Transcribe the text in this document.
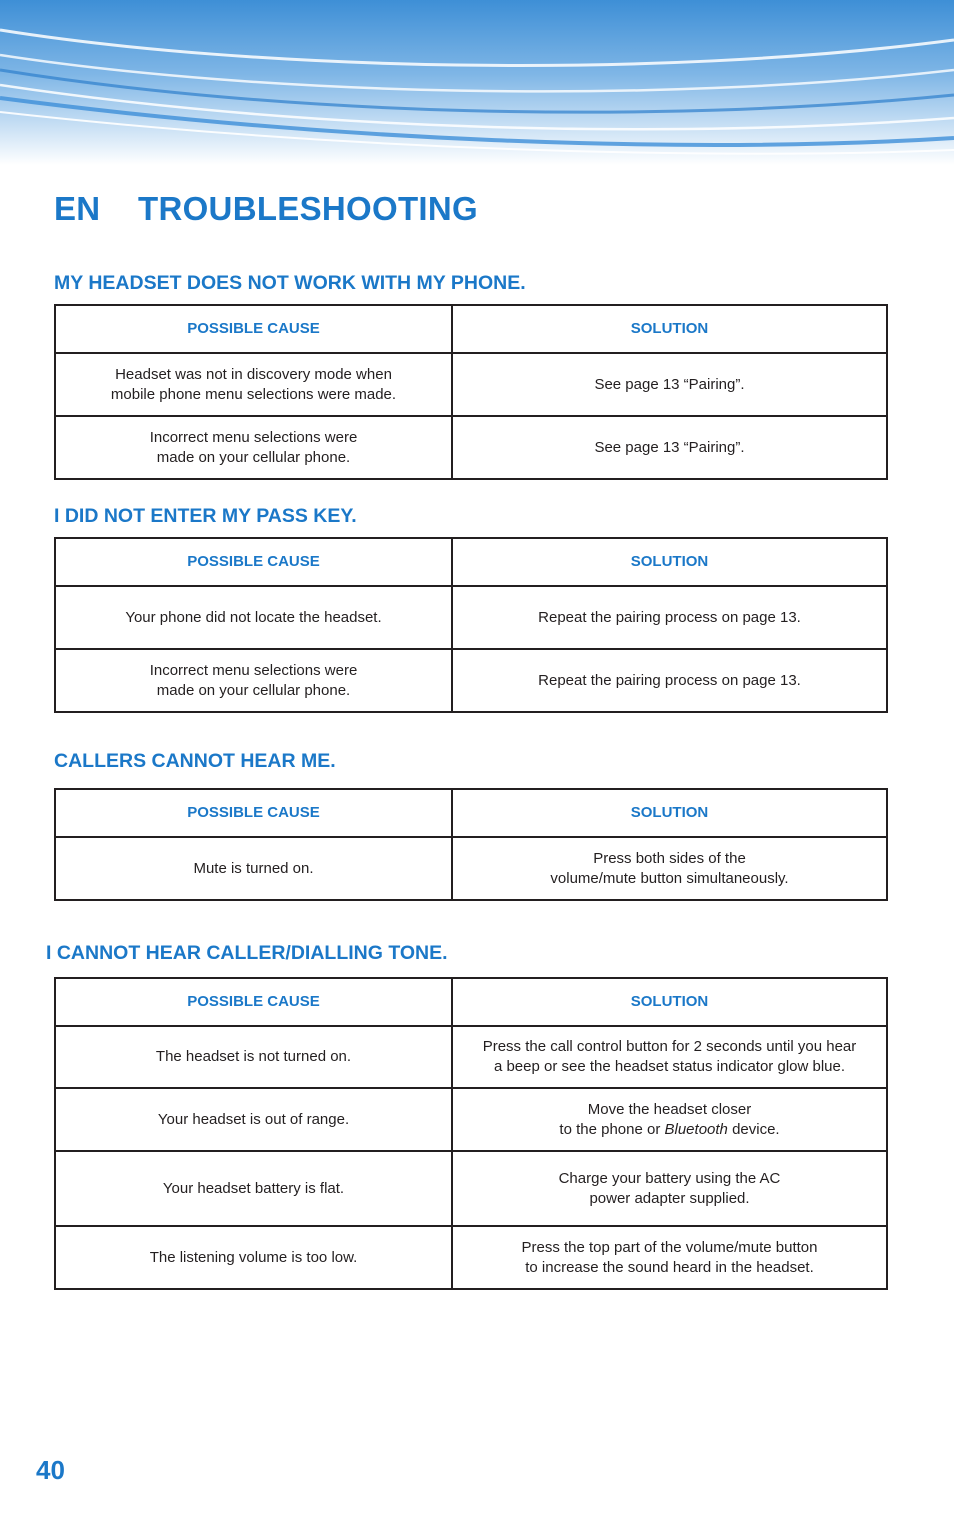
EN TROUBLESHOOTING
MY HEADSET DOES NOT WORK WITH MY PHONE.
POSSIBLE CAUSE	SOLUTION

Headset was not in discovery mode when
mobile phone menu selections were made.	See page 13 “Pairing”.

Incorrect menu selections were
made on your cellular phone.	See page 13 “Pairing”.
I DID NOT ENTER MY PASS KEY.
POSSIBLE CAUSE	SOLUTION

Your phone did not locate the headset.	Repeat the pairing process on page 13.

Incorrect menu selections were
made on your cellular phone.	Repeat the pairing process on page 13.
CALLERS CANNOT HEAR ME.
POSSIBLE CAUSE	SOLUTION

Mute is turned on.	Press both sides of the
volume/mute button simultaneously.
I CANNOT HEAR CALLER/DIALLING TONE.
POSSIBLE CAUSE	SOLUTION

The headset is not turned on.	Press the call control button for 2 seconds until you hear
a beep or see the headset status indicator glow blue.

Your headset is out of range.	Move the headset closer
to the phone or Bluetooth device.

Your headset battery is flat.	Charge your battery using the AC
power adapter supplied.

The listening volume is too low.	Press the top part of the volume/mute button
to increase the sound heard in the headset.
40
